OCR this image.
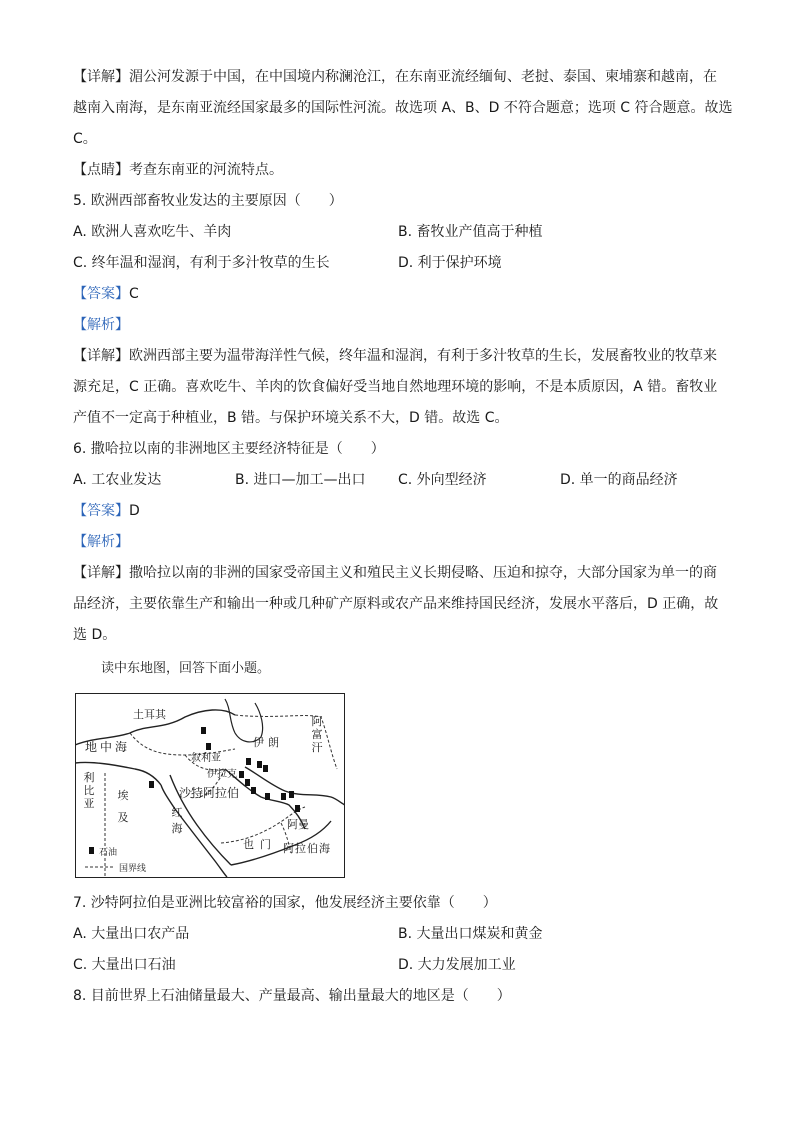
【详解】湄公河发源于中国，在中国境内称澜沧江，在东南亚流经缅甸、老挝、泰国、柬埔寨和越南，在
越南入南海，是东南亚流经国家最多的国际性河流。故选项 A、B、D 不符合题意；选项 C 符合题意。故选
C。
【点睛】考查东南亚的河流特点。
5. 欧洲西部畜牧业发达的主要原因（　　）
A. 欧洲人喜欢吃牛、羊肉	B. 畜牧业产值高于种植
C. 终年温和湿润，有利于多汁牧草的生长	D. 利于保护环境
【答案】C
【解析】
【详解】欧洲西部主要为温带海洋性气候，终年温和湿润，有利于多汁牧草的生长，发展畜牧业的牧草来
源充足，C 正确。喜欢吃牛、羊肉的饮食偏好受当地自然地理环境的影响，不是本质原因，A 错。畜牧业
产值不一定高于种植业，B 错。与保护环境关系不大，D 错。故选 C。
6. 撒哈拉以南的非洲地区主要经济特征是（　　）
A. 工农业发达	B. 进口—加工—出口	C. 外向型经济	D. 单一的商品经济
【答案】D
【解析】
【详解】撒哈拉以南的非洲的国家受帝国主义和殖民主义长期侵略、压迫和掠夺，大部分国家为单一的商
品经济，主要依靠生产和输出一种或几种矿产原料或农产品来维持国民经济，发展水平落后，D 正确，故
选 D。
读中东地图，回答下面小题。
土耳其
地中海
叙利亚
伊拉克
伊朗
阿富汗
利比亚
埃及
沙特阿拉伯
红海	阿曼
也门 阿拉伯海
石油
国界线
7. 沙特阿拉伯是亚洲比较富裕的国家，他发展经济主要依靠（　　）
A. 大量出口农产品	B. 大量出口煤炭和黄金
C. 大量出口石油	D. 大力发展加工业
8. 目前世界上石油储量最大、产量最高、输出量最大的地区是（　　）
